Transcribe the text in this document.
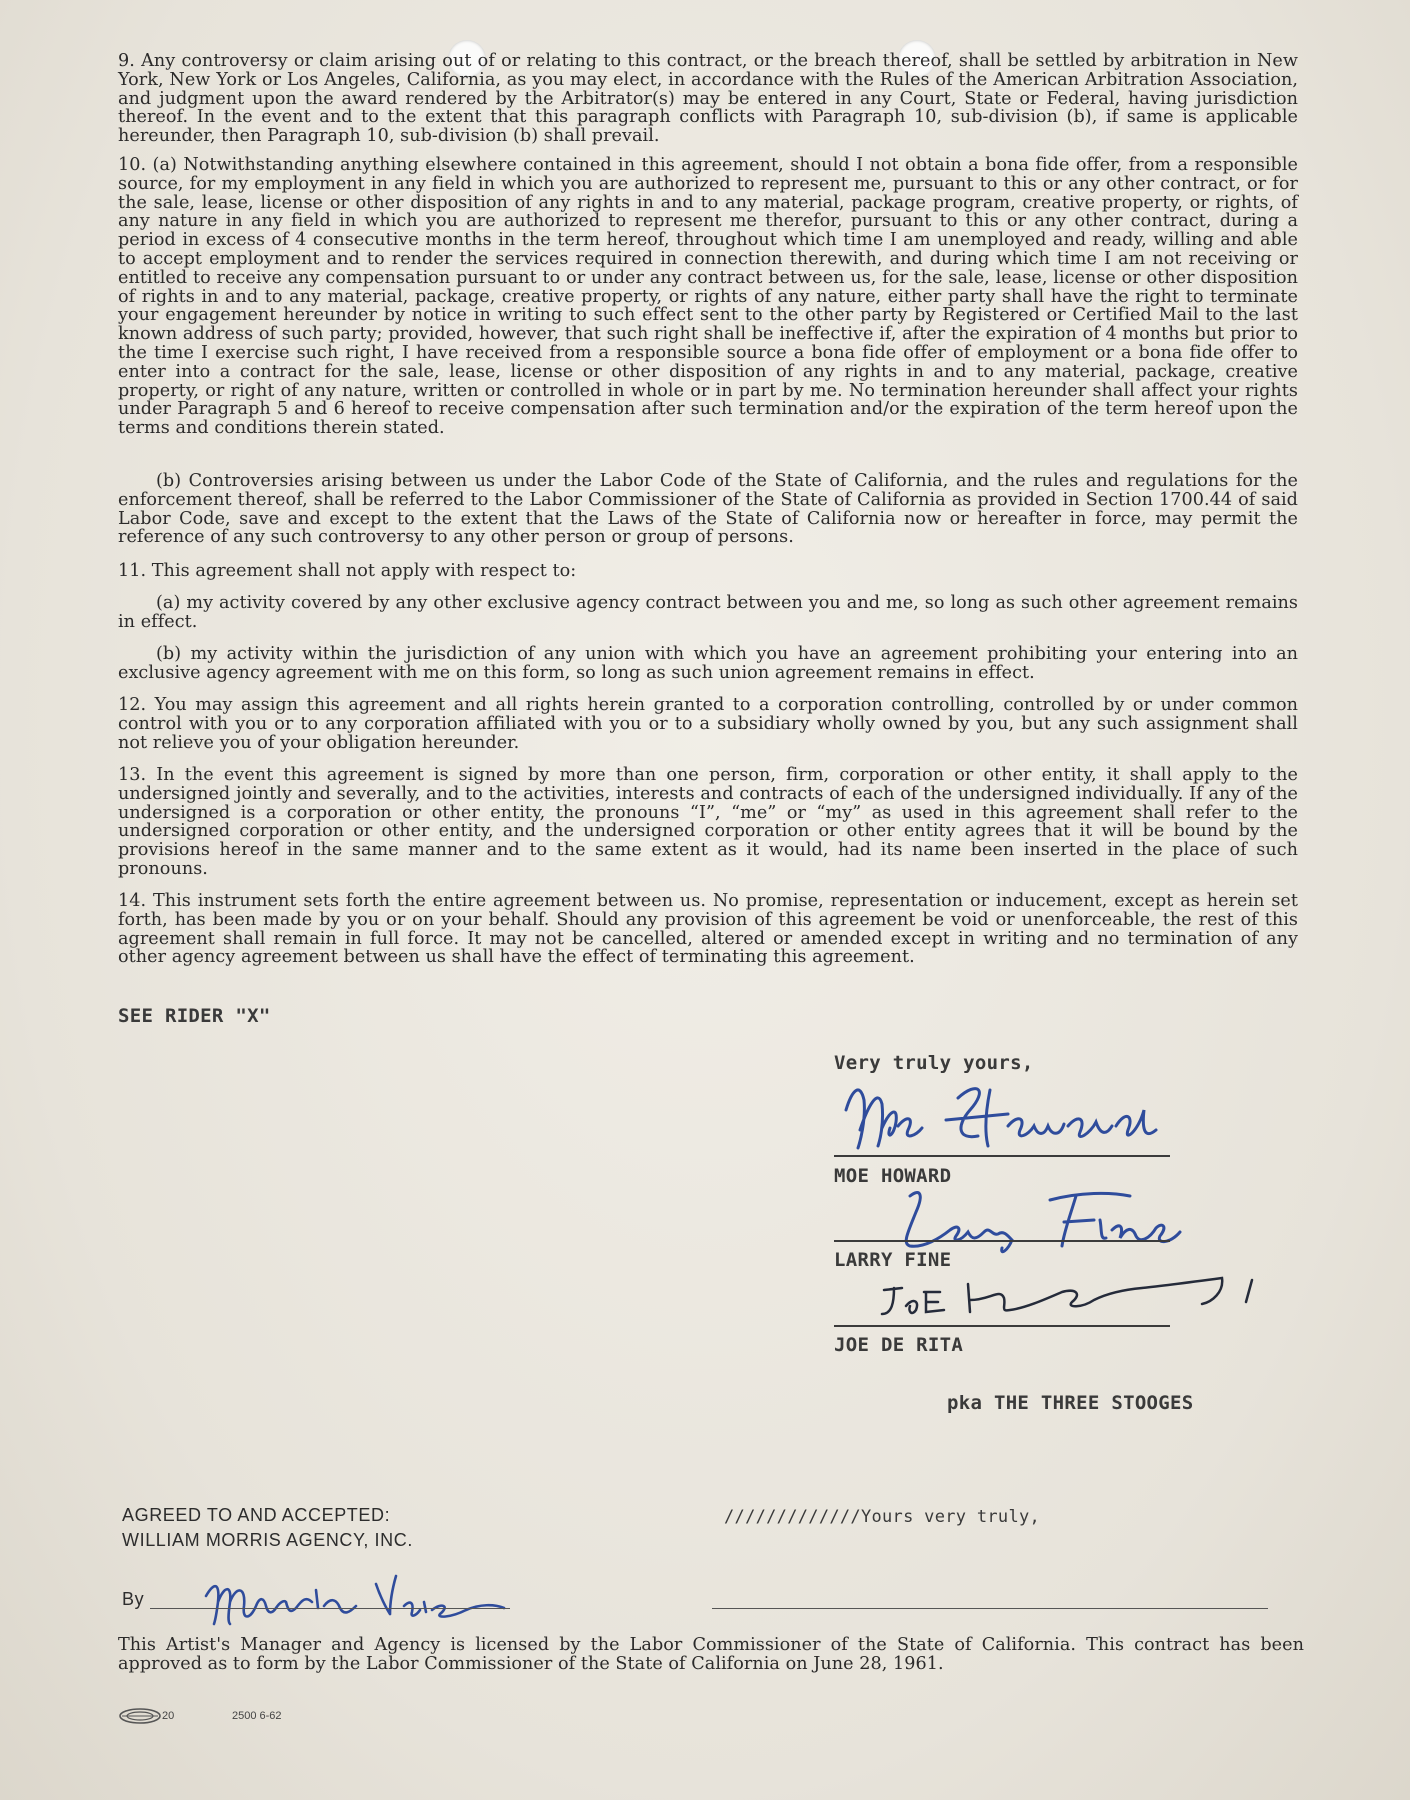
9. Any controversy or claim arising out of or relating to this contract, or the breach thereof, shall be settled by arbitration in New York, New York or Los Angeles, California, as you may elect, in accordance with the Rules of the American Arbitration Association, and judgment upon the award rendered by the Arbitrator(s) may be entered in any Court, State or Federal, having jurisdiction thereof. In the event and to the extent that this paragraph conflicts with Paragraph 10, sub-division (b), if same is applicable hereunder, then Paragraph 10, sub-division (b) shall prevail.
10. (a) Notwithstanding anything elsewhere contained in this agreement, should I not obtain a bona fide offer, from a responsible source, for my employment in any field in which you are authorized to represent me, pursuant to this or any other contract, or for the sale, lease, license or other disposition of any rights in and to any material, package program, creative property, or rights, of any nature in any field in which you are authorized to represent me therefor, pursuant to this or any other contract, during a period in excess of 4 consecutive months in the term hereof, throughout which time I am unemployed and ready, willing and able to accept employment and to render the services required in connection therewith, and during which time I am not receiving or entitled to receive any compensation pursuant to or under any contract between us, for the sale, lease, license or other disposition of rights in and to any material, package, creative property, or rights of any nature, either party shall have the right to terminate your engagement hereunder by notice in writing to such effect sent to the other party by Registered or Certified Mail to the last known address of such party; provided, however, that such right shall be ineffective if, after the expiration of 4 months but prior to the time I exercise such right, I have received from a responsible source a bona fide offer of employment or a bona fide offer to enter into a contract for the sale, lease, license or other disposition of any rights in and to any material, package, creative property, or right of any nature, written or controlled in whole or in part by me. No termination hereunder shall affect your rights under Paragraph 5 and 6 hereof to receive compensation after such termination and/or the expiration of the term hereof upon the terms and conditions therein stated.
(b) Controversies arising between us under the Labor Code of the State of California, and the rules and regulations for the enforcement thereof, shall be referred to the Labor Commissioner of the State of California as provided in Section 1700.44 of said Labor Code, save and except to the extent that the Laws of the State of California now or hereafter in force, may permit the reference of any such controversy to any other person or group of persons.
11. This agreement shall not apply with respect to:
(a) my activity covered by any other exclusive agency contract between you and me, so long as such other agreement remains in effect.
(b) my activity within the jurisdiction of any union with which you have an agreement prohibiting your entering into an exclusive agency agreement with me on this form, so long as such union agreement remains in effect.
12. You may assign this agreement and all rights herein granted to a corporation controlling, controlled by or under common control with you or to any corporation affiliated with you or to a subsidiary wholly owned by you, but any such assignment shall not relieve you of your obligation hereunder.
13. In the event this agreement is signed by more than one person, firm, corporation or other entity, it shall apply to the undersigned jointly and severally, and to the activities, interests and contracts of each of the undersigned individually. If any of the undersigned is a corporation or other entity, the pronouns “I”, “me” or “my” as used in this agreement shall refer to the undersigned corporation or other entity, and the undersigned corporation or other entity agrees that it will be bound by the provisions hereof in the same manner and to the same extent as it would, had its name been inserted in the place of such pronouns.
14. This instrument sets forth the entire agreement between us. No promise, representation or inducement, except as herein set forth, has been made by you or on your behalf. Should any provision of this agreement be void or unenforceable, the rest of this agreement shall remain in full force. It may not be cancelled, altered or amended except in writing and no termination of any other agency agreement between us shall have the effect of terminating this agreement.
SEE RIDER "X"
Very truly yours,
MOE HOWARD
LARRY FINE
JOE DE RITA
pka THE THREE STOOGES
AGREED TO AND ACCEPTED:
WILLIAM MORRIS AGENCY, INC.
/////////////Yours very truly,
By
This Artist's Manager and Agency is licensed by the Labor Commissioner of the State of California. This contract has been approved as to form by the Labor Commissioner of the State of California on June 28, 1961.
20	2500 6-62
